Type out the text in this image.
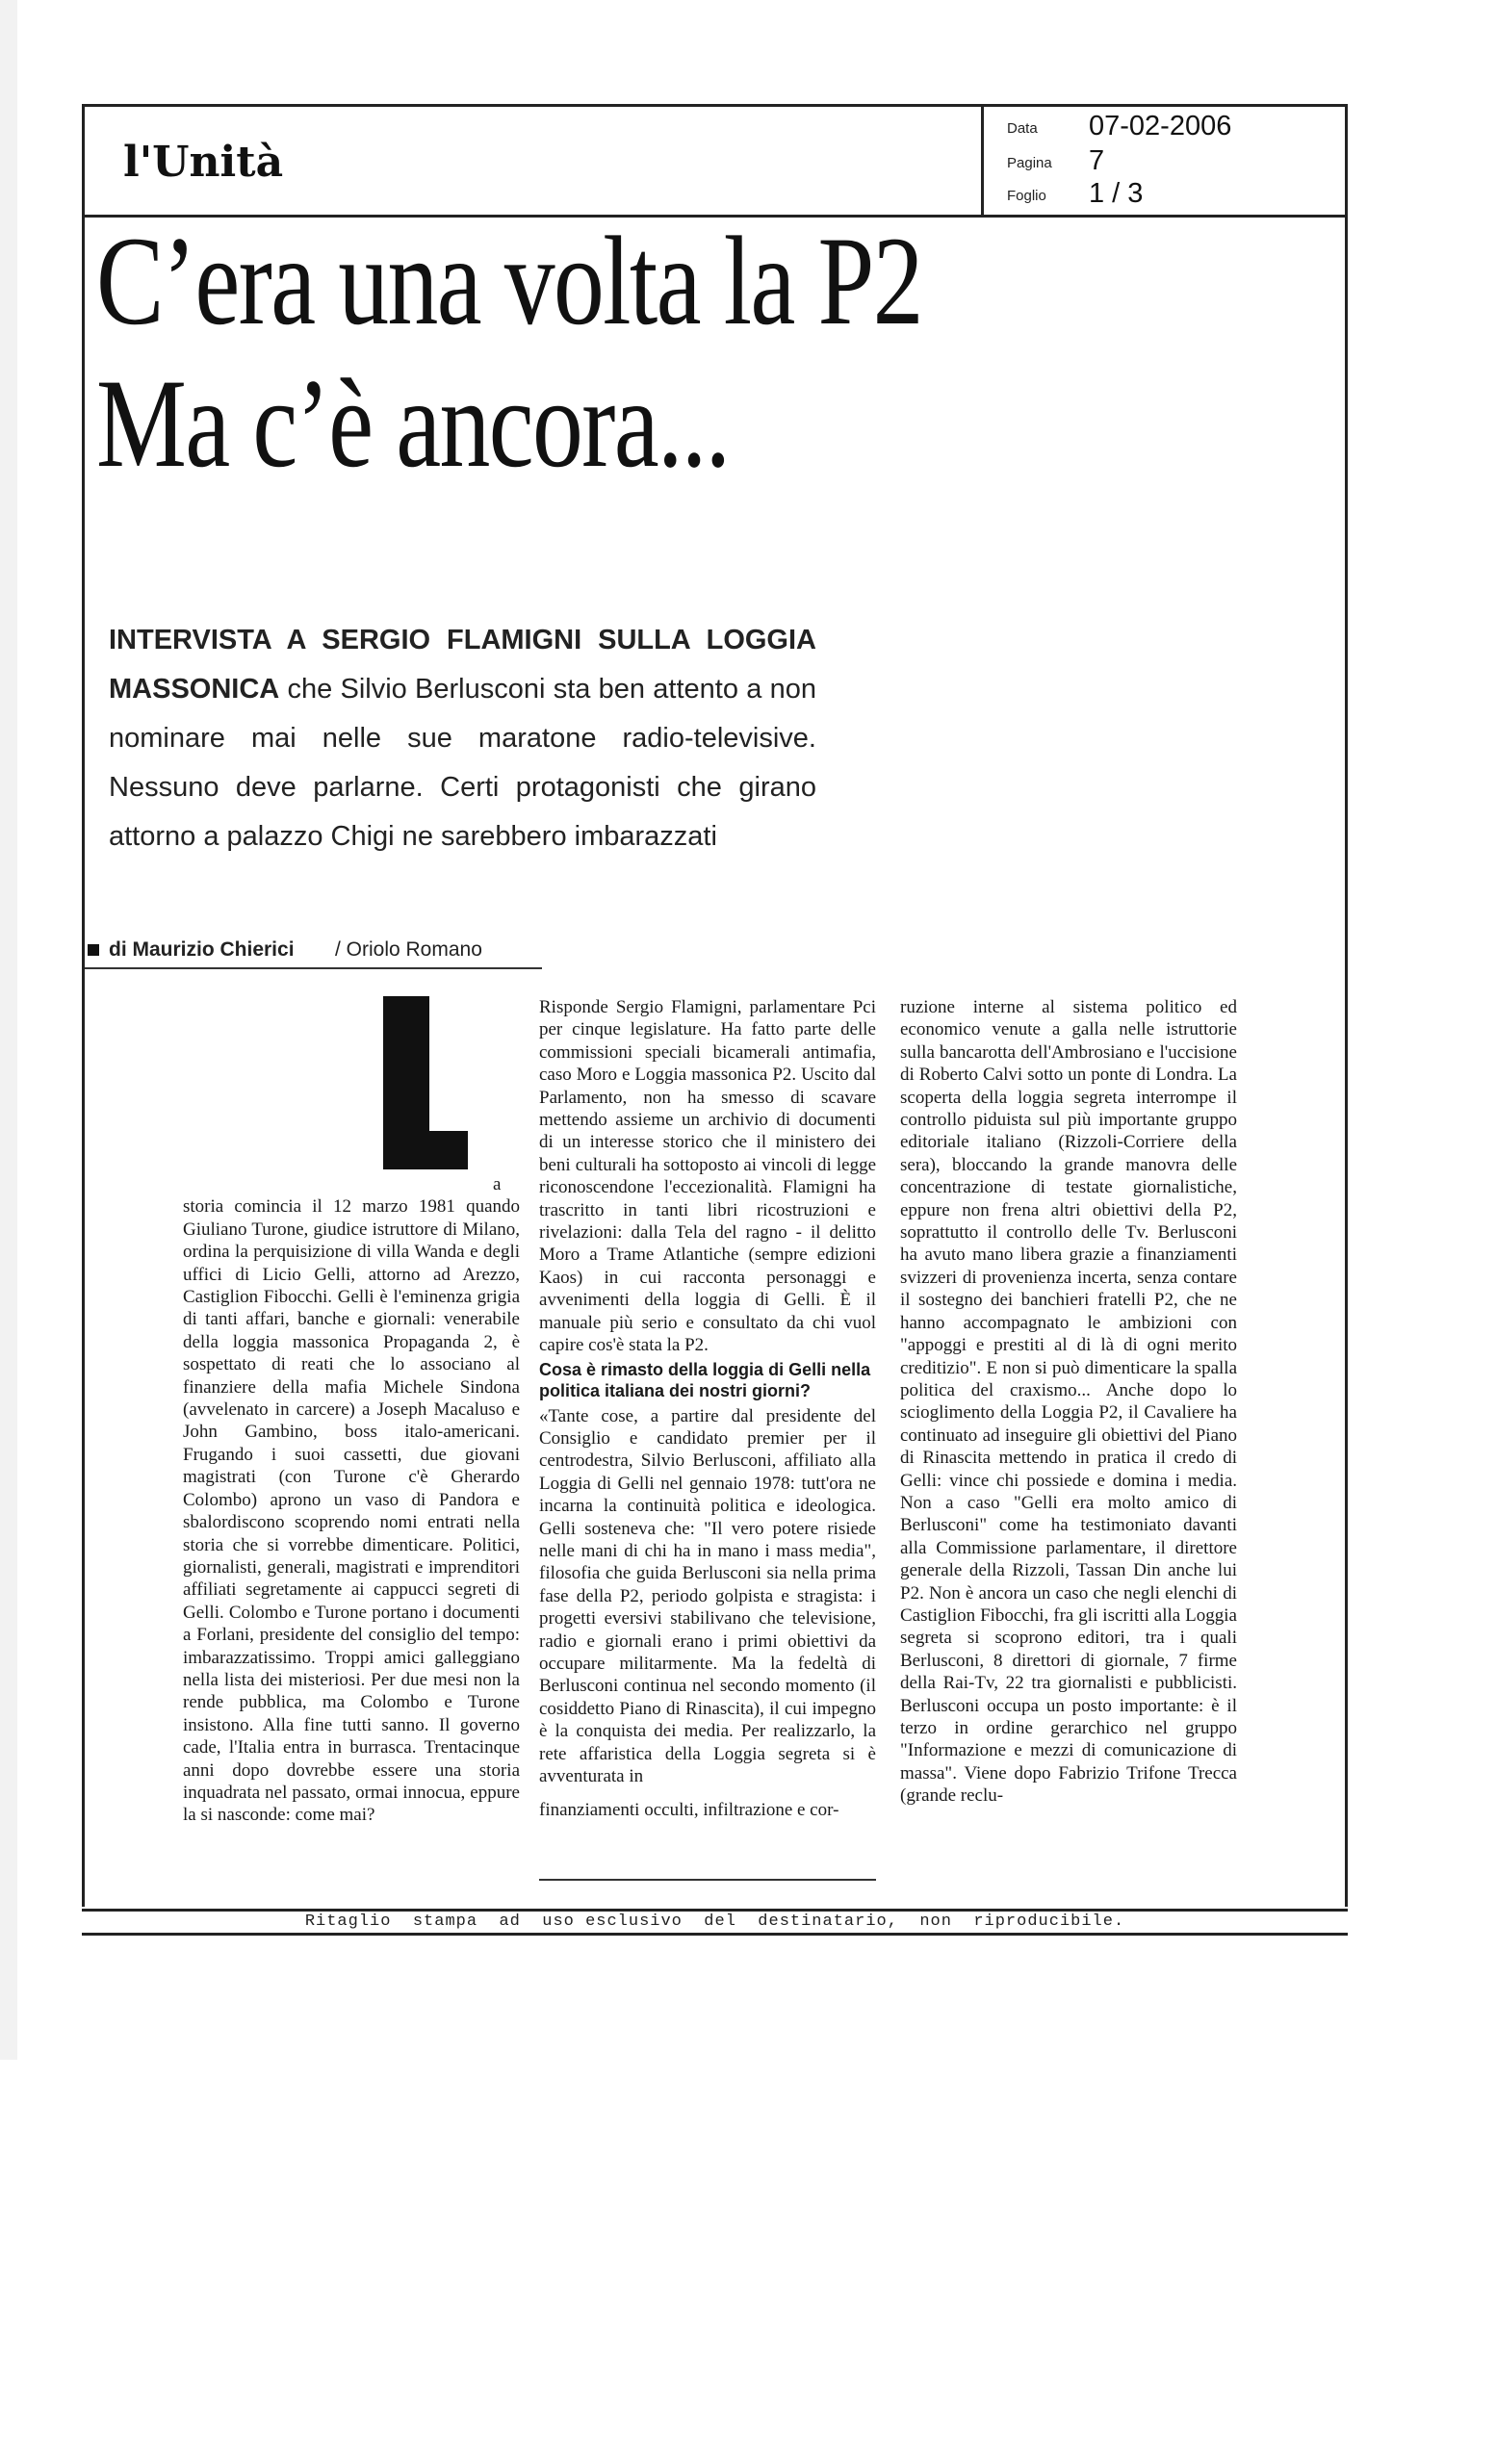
l'Unità
Data 07-02-2006
Pagina 7
Foglio 1 / 3
C’era una volta la P2
Ma c’è ancora...
INTERVISTA A SERGIO FLAMIGNI SULLA LOGGIA MASSONICA che Silvio Berlusconi sta ben attento a non nominare mai nelle sue maratone radio-televisive. Nessuno deve parlarne. Certi protagonisti che girano attorno a palazzo Chigi ne sarebbero imbarazzati
di Maurizio Chierici / Oriolo Romano
a

storia comincia il 12 marzo 1981 quando Giuliano Turone, giudice istruttore di Milano, ordina la perquisizione di villa Wanda e degli uffici di Licio Gelli, attorno ad Arezzo, Castiglion Fibocchi. Gelli è l'eminenza grigia di tanti affari, banche e giornali: venerabile della loggia massonica Propaganda 2, è sospettato di reati che lo associano al finanziere della mafia Michele Sindona (avvelenato in carcere) a Joseph Macaluso e John Gambino, boss italo-americani. Frugando i suoi cassetti, due giovani magistrati (con Turone c'è Gherardo Colombo) aprono un vaso di Pandora e sbalordiscono scoprendo nomi entrati nella storia che si vorrebbe dimenticare. Politici, giornalisti, generali, magistrati e imprenditori affiliati segretamente ai cappucci segreti di Gelli. Colombo e Turone portano i documenti a Forlani, presidente del consiglio del tempo: imbarazzatissimo. Troppi amici galleggiano nella lista dei misteriosi. Per due mesi non la rende pubblica, ma Colombo e Turone insistono. Alla fine tutti sanno. Il governo cade, l'Italia entra in burrasca. Trentacinque anni dopo dovrebbe essere una storia inquadrata nel passato, ormai innocua, eppure la si nasconde: come mai?

Risponde Sergio Flamigni, parlamentare Pci per cinque legislature. Ha fatto parte delle commissioni speciali bicamerali antimafia, caso Moro e Loggia massonica P2. Uscito dal Parlamento, non ha smesso di scavare mettendo assieme un archivio di documenti di un interesse storico che il ministero dei beni culturali ha sottoposto ai vincoli di legge riconoscendone l'eccezionalità. Flamigni ha trascritto in tanti libri ricostruzioni e rivelazioni: dalla Tela del ragno - il delitto Moro a Trame Atlantiche (sempre edizioni Kaos) in cui racconta personaggi e avvenimenti della loggia di Gelli. È il manuale più serio e consultato da chi vuol capire cos'è stata la P2.

Cosa è rimasto della loggia di Gelli nella politica italiana dei nostri giorni?

«Tante cose, a partire dal presidente del Consiglio e candidato premier per il centrodestra, Silvio Berlusconi, affiliato alla Loggia di Gelli nel gennaio 1978: tutt'ora ne incarna la continuità politica e ideologica. Gelli sosteneva che: "Il vero potere risiede nelle mani di chi ha in mano i mass media", filosofia che guida Berlusconi sia nella prima fase della P2, periodo golpista e stragista: i progetti eversivi stabilivano che televisione, radio e giornali erano i primi obiettivi da occupare militarmente. Ma la fedeltà di Berlusconi continua nel secondo momento (il cosiddetto Piano di Rinascita), il cui impegno è la conquista dei media. Per realizzarlo, la rete affaristica della Loggia segreta si è avventurata in

finanziamenti occulti, infiltrazione e cor-

ruzione interne al sistema politico ed economico venute a galla nelle istruttorie sulla bancarotta dell'Ambrosiano e l'uccisione di Roberto Calvi sotto un ponte di Londra. La scoperta della loggia segreta interrompe il controllo piduista sul più importante gruppo editoriale italiano (Rizzoli-Corriere della sera), bloccando la grande manovra delle concentrazione di testate giornalistiche, eppure non frena altri obiettivi della P2, soprattutto il controllo delle Tv. Berlusconi ha avuto mano libera grazie a finanziamenti svizzeri di provenienza incerta, senza contare il sostegno dei banchieri fratelli P2, che ne hanno accompagnato le ambizioni con "appoggi e prestiti al di là di ogni merito creditizio". E non si può dimenticare la spalla politica del craxismo... Anche dopo lo scioglimento della Loggia P2, il Cavaliere ha continuato ad inseguire gli obiettivi del Piano di Rinascita mettendo in pratica il credo di Gelli: vince chi possiede e domina i media. Non a caso "Gelli era molto amico di Berlusconi" come ha testimoniato davanti alla Commissione parlamentare, il direttore generale della Rizzoli, Tassan Din anche lui P2. Non è ancora un caso che negli elenchi di Castiglion Fibocchi, fra gli iscritti alla Loggia segreta si scoprono editori, tra i quali Berlusconi, 8 direttori di giornale, 7 firme della Rai-Tv, 22 tra giornalisti e pubblicisti. Berlusconi occupa un posto importante: è il terzo in ordine gerarchico nel gruppo "Informazione e mezzi di comunicazione di massa". Viene dopo Fabrizio Trifone Trecca (grande reclu-

Ritaglio  stampa  ad  uso esclusivo  del  destinatario,  non  riproducibile.
